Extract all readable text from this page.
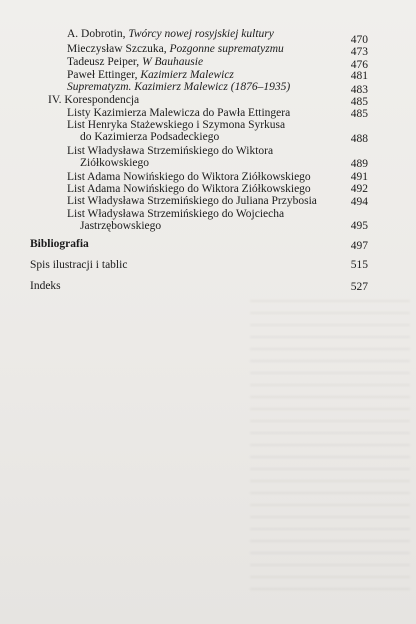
A. Dobrotin, Twórcy nowej rosyjskiej kultury	470
Mieczysław Szczuka, Pozgonne suprematyzmu	473
Tadeusz Peiper, W Bauhausie	476
Paweł Ettinger, Kazimierz Malewicz	481
Suprematyzm. Kazimierz Malewicz (1876–1935)	483
IV. Korespondencja	485
Listy Kazimierza Malewicza do Pawła Ettingera	485
List Henryka Stażewskiego i Szymona Syrkusa
do Kazimierza Podsadeckiego	488
List Władysława Strzemińskiego do Wiktora
Ziółkowskiego	489
List Adama Nowińskiego do Wiktora Ziółkowskiego	491
List Adama Nowińskiego do Wiktora Ziółkowskiego	492
List Władysława Strzemińskiego do Juliana Przybosia	494
List Władysława Strzemińskiego do Wojciecha
Jastrzębowskiego	495
Bibliografia	497
Spis ilustracji i tablic	515
Indeks	527
